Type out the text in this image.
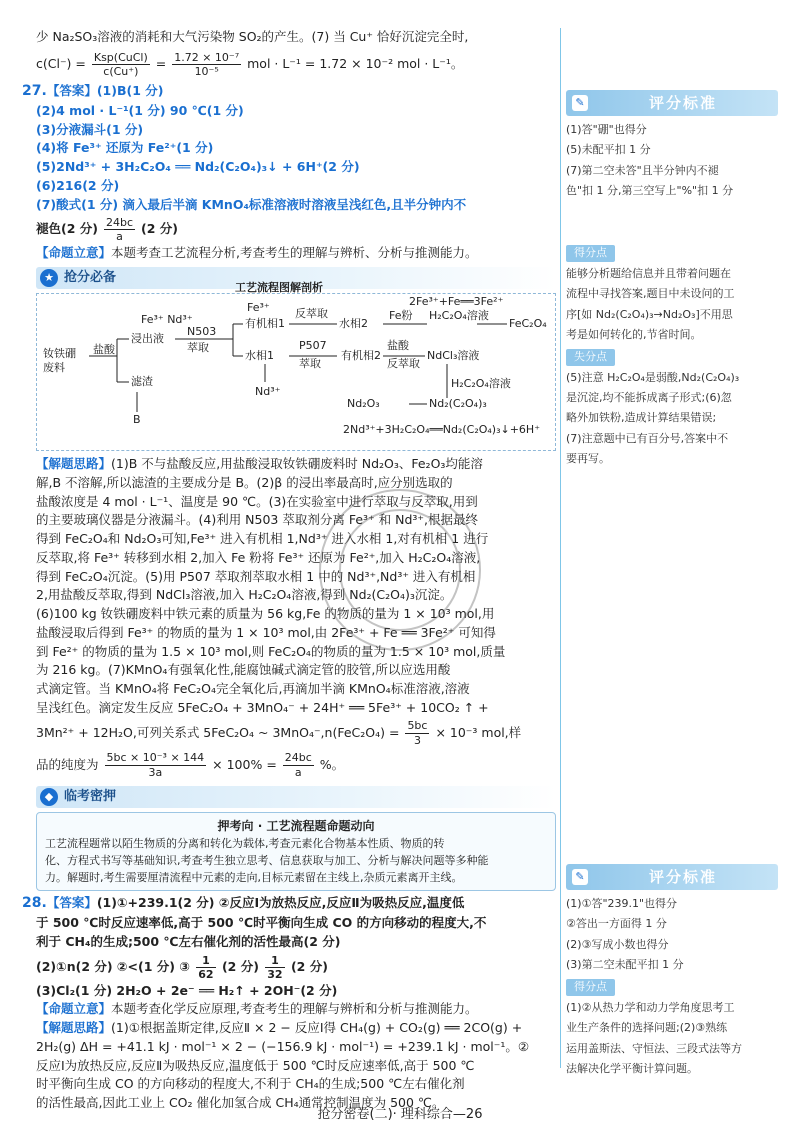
少 Na₂SO₃溶液的消耗和大气污染物 SO₂的产生。(7) 当 Cu⁺ 恰好沉淀完全时,
$c(Cl^-) = \frac{\text{Ksp(CuCl)}}{c(Cu^+)} = \frac{\text{1.72 × 10⁻⁷}}{\text{10⁻⁵}}$ mol · L⁻¹ = 1.72 × 10⁻² mol · L⁻¹。
27.【答案】(1)B(1 分)
(2)4 mol · L⁻¹(1 分) 90 ℃(1 分)
(3)分液漏斗(1 分)
(4)将 Fe³⁺ 还原为 Fe²⁺(1 分)
(5)2Nd³⁺ + 3H₂C₂O₄ ══ Nd₂(C₂O₄)₃↓ + 6H⁺(2 分)
(6)216(2 分)
(7)酸式(1 分) 滴入最后半滴 KMnO₄标准溶液时溶液呈浅红色,且半分钟内不
褪色(2 分) $\frac{24bc}{a} (2$ 分)
【命题立意】本题考查工艺流程分析,考查考生的理解与辨析、分析与推测能力。
★ 抢分必备
钕铁硼
废料
盐酸
浸出液
滤渣
B
Fe³⁺ Nd³⁺
N503
萃取
有机相1
Fe³⁺ 反萃取
水相2
Fe粉 H₂C₂O₄溶液
FeC₂O₄
2Fe³⁺+Fe══3Fe²⁺
水相1
P507
萃取
有机相2
盐酸
反萃取
NdCl₃溶液
Nd³⁺
H₂C₂O₄溶液
Nd₂O₃	Nd₂(C₂O₄)₃
2Nd³⁺+3H₂C₂O₄══Nd₂(C₂O₄)₃↓+6H⁺
工艺流程图解剖析
【解题思路】(1)B 不与盐酸反应,用盐酸浸取钕铁硼废料时 Nd₂O₃、Fe₂O₃均能溶
解,B 不溶解,所以滤渣的主要成分是 B。(2)β 的浸出率最高时,应分别选取的
盐酸浓度是 4 mol · L⁻¹、温度是 90 ℃。(3)在实验室中进行萃取与反萃取,用到
的主要玻璃仪器是分液漏斗。(4)利用 N503 萃取剂分离 Fe³⁺ 和 Nd³⁺,根据最终
得到 FeC₂O₄和 Nd₂O₃可知,Fe³⁺ 进入有机相 1,Nd³⁺ 进入水相 1,对有机相 1 进行
反萃取,将 Fe³⁺ 转移到水相 2,加入 Fe 粉将 Fe³⁺ 还原为 Fe²⁺,加入 H₂C₂O₄溶液,
得到 FeC₂O₄沉淀。(5)用 P507 萃取剂萃取水相 1 中的 Nd³⁺,Nd³⁺ 进入有机相
2,用盐酸反萃取,得到 NdCl₃溶液,加入 H₂C₂O₄溶液,得到 Nd₂(C₂O₄)₃沉淀。
(6)100 kg 钕铁硼废料中铁元素的质量为 56 kg,Fe 的物质的量为 1 × 10³ mol,用
盐酸浸取后得到 Fe³⁺ 的物质的量为 1 × 10³ mol,由 2Fe³⁺ + Fe ══ 3Fe²⁺ 可知得
到 Fe²⁺ 的物质的量为 1.5 × 10³ mol,则 FeC₂O₄的物质的量为 1.5 × 10³ mol,质量
为 216 kg。(7)KMnO₄有强氧化性,能腐蚀碱式滴定管的胶管,所以应选用酸
式滴定管。当 KMnO₄将 FeC₂O₄完全氧化后,再滴加半滴 KMnO₄标准溶液,溶液
呈浅红色。滴定发生反应 5FeC₂O₄ + 3MnO₄⁻ + 24H⁺ ══ 5Fe³⁺ + 10CO₂ ↑ +
3Mn²⁺ + 12H₂O,可列关系式 5FeC₂O₄ ~ $3MnO_4^-,n(FeC_2O_4) = \frac{5bc}{3} \times 10^{-3}$ mol,样
品的纯度为 $\frac{\text{5bc × 10⁻³ × 144}}{3a} \times 100\% = \frac{24bc}{a}$ %。
◆ 临考密押
押考向 · 工艺流程题命题动向
工艺流程题常以陌生物质的分离和转化为载体,考查元素化合物基本性质、物质的转
化、方程式书写等基础知识,考查考生独立思考、信息获取与加工、分析与解决问题等多种能
力。解题时,考生需要厘清流程中元素的走向,目标元素留在主线上,杂质元素离开主线。
28.【答案】(1)①+239.1(2 分) ②反应Ⅰ为放热反应,反应Ⅱ为吸热反应,温度低
于 500 ℃时反应速率低,高于 500 ℃时平衡向生成 CO 的方向移动的程度大,不
利于 CH₄的生成;500 ℃左右催化剂的活性最高(2 分)
(2)①n(2 分) ②<(1 分) ③ $\frac{1}{62} (2$ 分) $\frac{1}{32} (2$ 分)
(3)Cl₂(1 分) 2H₂O + 2e⁻ ══ H₂↑ + 2OH⁻(2 分)
【命题立意】本题考查化学反应原理,考查考生的理解与辨析和分析与推测能力。
【解题思路】(1)①根据盖斯定律,反应Ⅱ × 2 − 反应Ⅰ得 CH₄(g) + CO₂(g) ══ 2CO(g) +
2H₂(g) ΔH = +41.1 kJ · mol⁻¹ × 2 − (−156.9 kJ · mol⁻¹) = +239.1 kJ · mol⁻¹。②
反应Ⅰ为放热反应,反应Ⅱ为吸热反应,温度低于 500 ℃时反应速率低,高于 500 ℃
时平衡向生成 CO 的方向移动的程度大,不利于 CH₄的生成;500 ℃左右催化剂
的活性最高,因此工业上 CO₂ 催化加氢合成 CH₄通常控制温度为 500 ℃。
✎	评分标准

(1)答"硼"也得分

(5)未配平扣 1 分

(7)第二空未答"且半分钟内不褪

色"扣 1 分,第三空写上"%"扣 1 分

得分点

能够分析题给信息并且带着问题在

流程中寻找答案,题目中未设问的工

序[如 Nd₂(C₂O₄)₃→Nd₂O₃]不用思

考是如何转化的,节省时间。

失分点

(5)注意 H₂C₂O₄是弱酸,Nd₂(C₂O₄)₃

是沉淀,均不能拆成离子形式;(6)忽

略外加铁粉,造成计算结果错误;

(7)注意题中已有百分号,答案中不

要再写。

✎	评分标准

(1)①答"239.1"也得分

②答出一方面得 1 分

(2)③写成小数也得分

(3)第二空未配平扣 1 分

得分点

(1)②从热力学和动力学角度思考工

业生产条件的选择问题;(2)③熟练

运用盖斯法、守恒法、三段式法等方

法解决化学平衡计算问题。

抢分密卷(二)· 理科综合—26
